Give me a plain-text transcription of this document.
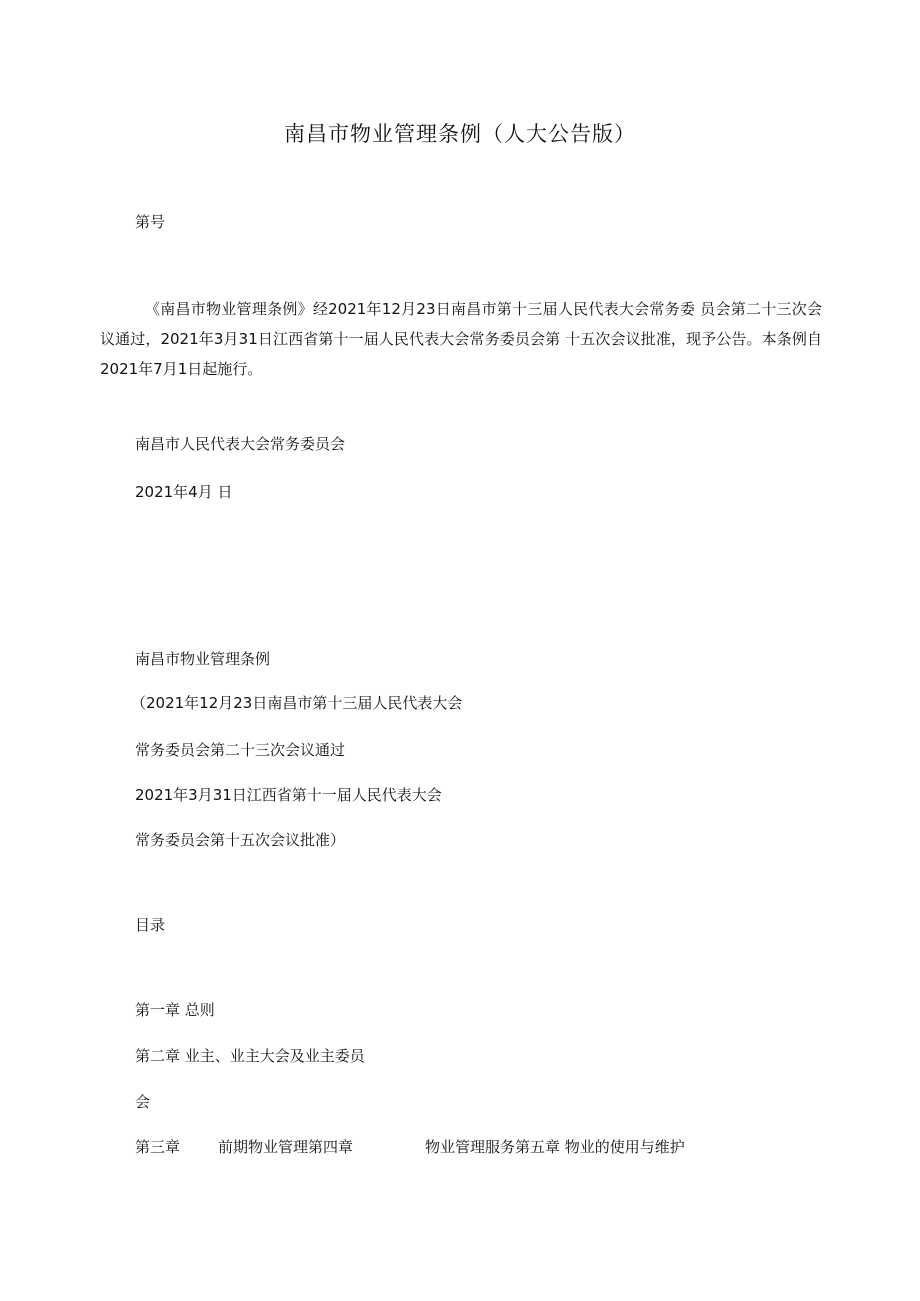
南昌市物业管理条例（人大公告版）
第号
《南昌市物业管理条例》经2021年12月23日南昌市第十三届人民代表大会常务委 员会第二十三次会议通过，2021年3月31日江西省第十一届人民代表大会常务委员会第 十五次会议批准，现予公告。本条例自2021年7月1日起施行。
南昌市人民代表大会常务委员会
2021年4月 日
南昌市物业管理条例
（2021年12月23日南昌市第十三届人民代表大会
常务委员会第二十三次会议通过
2021年3月31日江西省第十一届人民代表大会
常务委员会第十五次会议批准）
目录
第一章 总则
第二章 业主、业主大会及业主委员
会
第三章	前期物业管理第四章	物业管理服务第五章 物业的使用与维护
